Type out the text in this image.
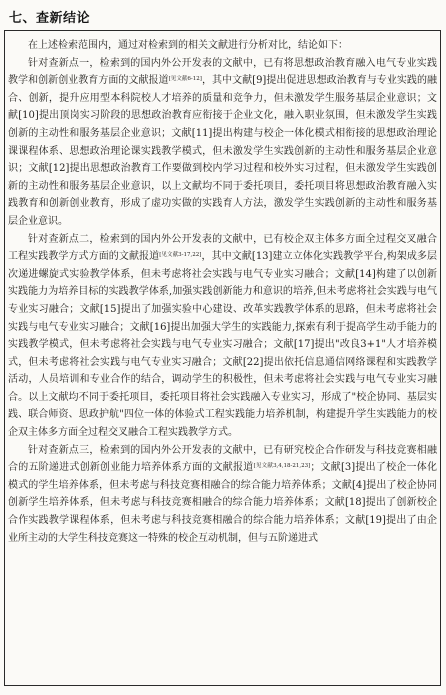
七、查新结论

在上述检索范围内，通过对检索到的相关文献进行分析对比，结论如下：

针对查新点一，检索到的国内外公开发表的文献中，已有将思想政治教育融入电气专业实践教学和创新创业教育方面的文献报道[见文献6-12]，其中文献[9]提出促进思想政治教育与专业实践的融合、创新，提升应用型本科院校人才培养的质量和竞争力，但未激发学生服务基层企业意识；文献[10]提出顶岗实习阶段的思想政治教育应衔接于企业文化，融入职业氛围，但未激发学生实践创新的主动性和服务基层企业意识；文献[11]提出构建与校企一体化模式相衔接的思想政治理论课课程体系、思想政治理论课实践教学模式，但未激发学生实践创新的主动性和服务基层企业意识；文献[12]提出思想政治教育工作要做到校内学习过程和校外实习过程，但未激发学生实践创新的主动性和服务基层企业意识，以上文献均不同于委托项目，委托项目将思想政治教育融入实践教育和创新创业教育，形成了虚功实做的实践育人方法，激发学生实践创新的主动性和服务基层企业意识。

针对查新点二，检索到的国内外公开发表的文献中，已有校企双主体多方面全过程交叉融合工程实践教学方式方面的文献报道[见文献3-17,22]，其中文献[13]建立立体化实践教学平台,构架成多层次递进螺旋式实验教学体系，但未考虑将社会实践与电气专业实习融合；文献[14]构建了以创新实践能力为培养目标的实践教学体系,加强实践创新能力和意识的培养,但未考虑将社会实践与电气专业实习融合；文献[15]提出了加强实验中心建设、改革实践教学体系的思路，但未考虑将社会实践与电气专业实习融合；文献[16]提出加强大学生的实践能力,探索有利于提高学生动手能力的实践教学模式，但未考虑将社会实践与电气专业实习融合；文献[17]提出"改良3+1"人才培养模式，但未考虑将社会实践与电气专业实习融合；文献[22]提出依托信息通信网络课程和实践教学活动，人员培训和专业合作的结合，调动学生的积极性，但未考虑将社会实践与电气专业实习融合。以上文献均不同于委托项目，委托项目将社会实践融入专业实习，形成了"校企协同、基层实践、联合师资、思政护航"四位一体的体验式工程实践能力培养机制，构建提升学生实践能力的校企双主体多方面全过程交叉融合工程实践教学方式。

针对查新点三，检索到的国内外公开发表的文献中，已有研究校企合作研发与科技竞赛相融合的五阶递进式创新创业能力培养体系方面的文献报道[见文献3,4,18-21,23]；文献[3]提出了校企一体化模式的学生培养体系，但未考虑与科技竞赛相融合的综合能力培养体系；文献[4]提出了校企协同创新学生培养体系，但未考虑与科技竞赛相融合的综合能力培养体系；文献[18]提出了创新校企合作实践教学课程体系，但未考虑与科技竞赛相融合的综合能力培养体系；文献[19]提出了由企业所主动的大学生科技竞赛这一特殊的校企互动机制，但与五阶递进式
